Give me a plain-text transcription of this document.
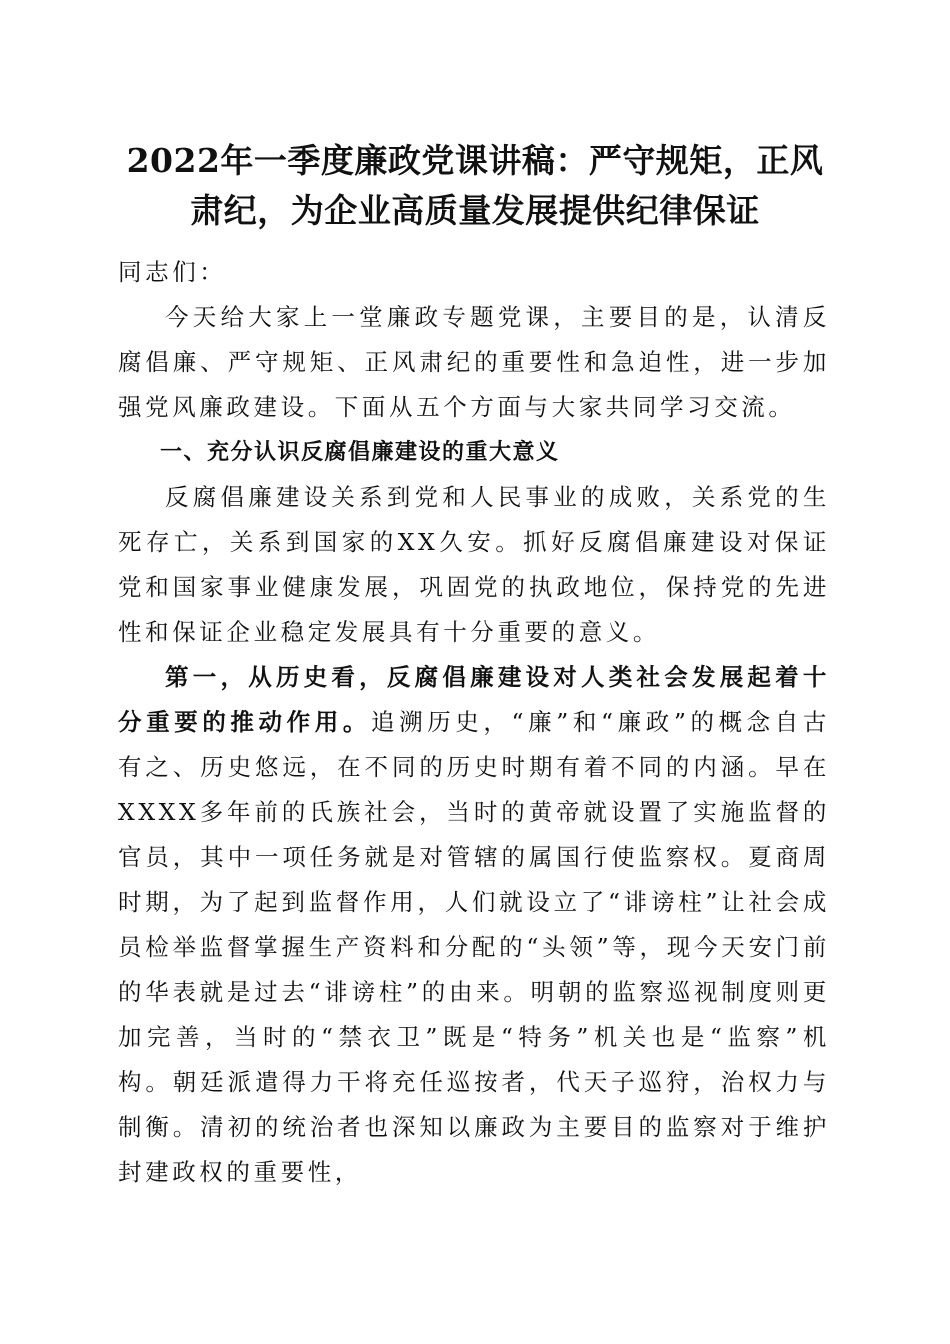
2022年一季度廉政党课讲稿：严守规矩，正风肃纪，为企业高质量发展提供纪律保证

同志们：

今天给大家上一堂廉政专题党课，主要目的是，认清反腐倡廉、严守规矩、正风肃纪的重要性和急迫性，进一步加强党风廉政建设。下面从五个方面与大家共同学习交流。

一、充分认识反腐倡廉建设的重大意义

反腐倡廉建设关系到党和人民事业的成败，关系党的生死存亡，关系到国家的XX久安。抓好反腐倡廉建设对保证党和国家事业健康发展，巩固党的执政地位，保持党的先进性和保证企业稳定发展具有十分重要的意义。

第一，从历史看，反腐倡廉建设对人类社会发展起着十分重要的推动作用。追溯历史，“廉”和“廉政”的概念自古有之、历史悠远，在不同的历史时期有着不同的内涵。早在XXXX多年前的氏族社会，当时的黄帝就设置了实施监督的官员，其中一项任务就是对管辖的属国行使监察权。夏商周时期，为了起到监督作用，人们就设立了“诽谤柱”让社会成员检举监督掌握生产资料和分配的“头领”等，现今天安门前的华表就是过去“诽谤柱”的由来。明朝的监察巡视制度则更加完善，当时的“禁衣卫”既是“特务”机关也是“监察”机构。朝廷派遣得力干将充任巡按者，代天子巡狩，治权力与制衡。清初的统治者也深知以廉政为主要目的监察对于维护封建政权的重要性，
